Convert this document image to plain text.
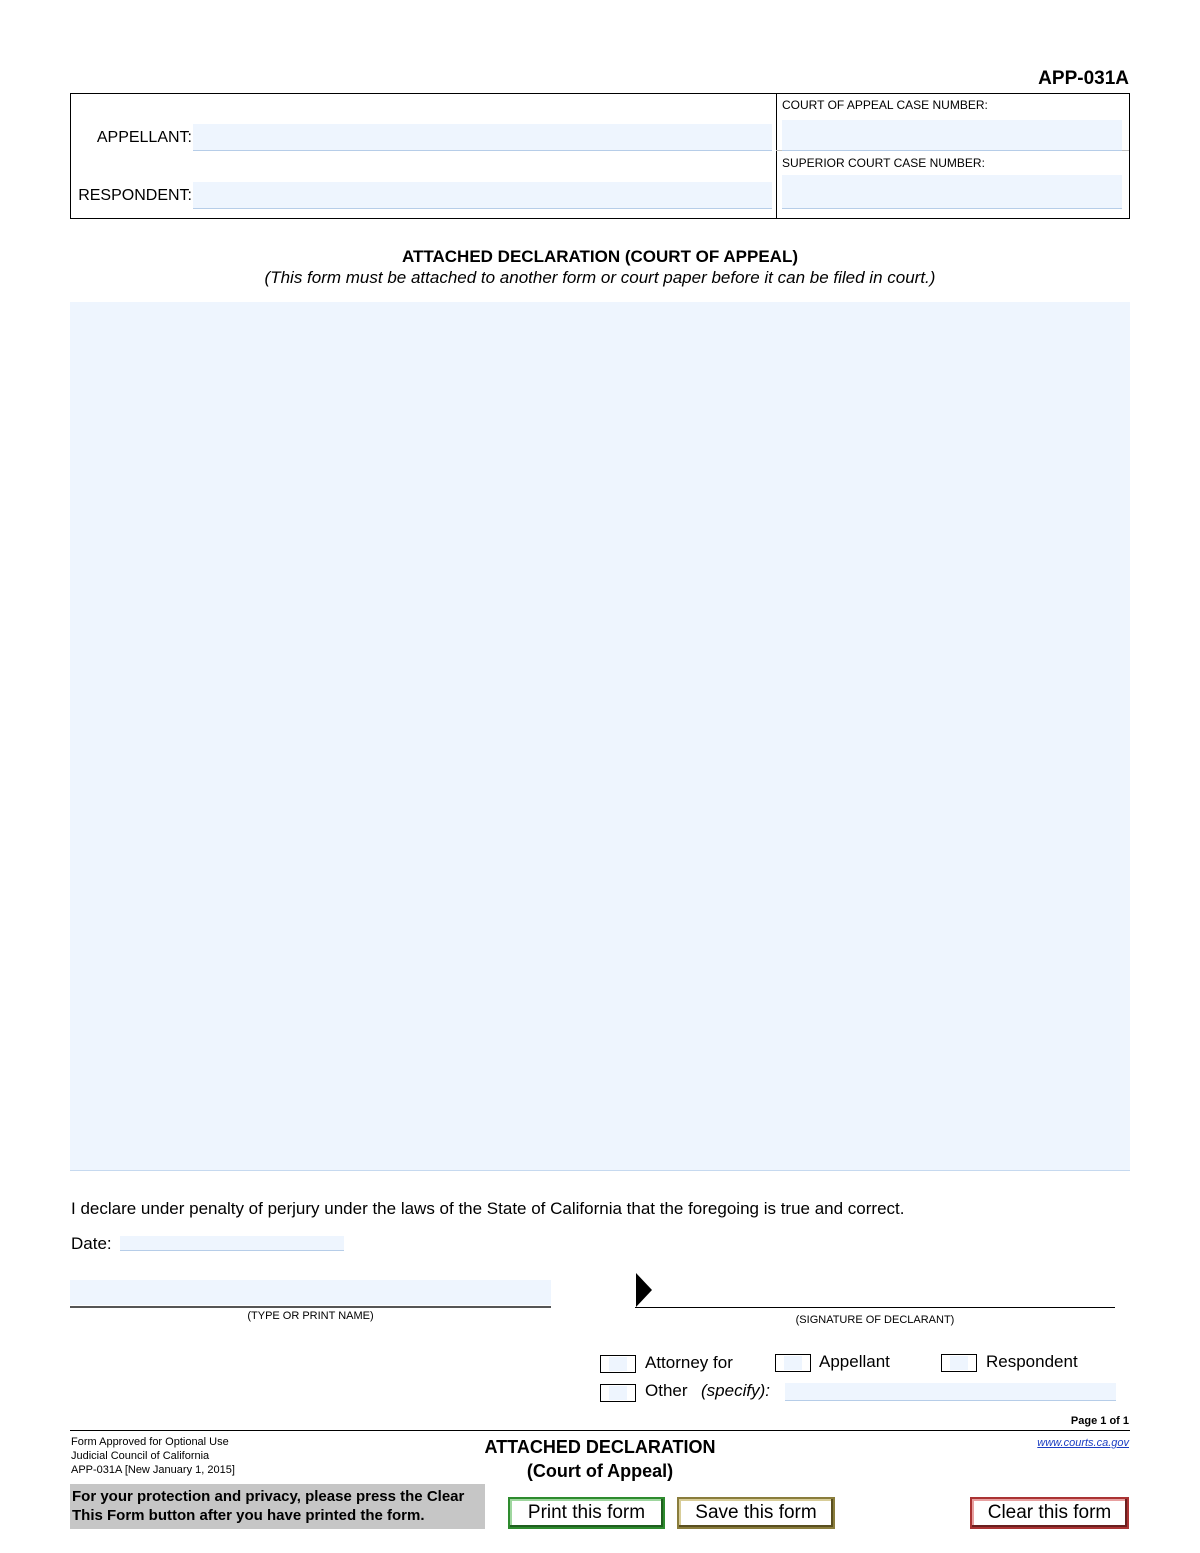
APP-031A
APPELLANT:
RESPONDENT:
COURT OF APPEAL CASE NUMBER:
SUPERIOR COURT CASE NUMBER:
ATTACHED DECLARATION (COURT OF APPEAL)
(This form must be attached to another form or court paper before it can be filed in court.)
I declare under penalty of perjury under the laws of the State of California that the foregoing is true and correct.
Date:
(TYPE OR PRINT NAME)	(SIGNATURE OF DECLARANT)
Attorney for	Appellant	Respondent
Other (specify):
Page 1 of 1
Form Approved for Optional Use
Judicial Council of California
APP-031A [New January 1, 2015]
ATTACHED DECLARATION
(Court of Appeal)
www.courts.ca.gov
For your protection and privacy, please press the Clear
This Form button after you have printed the form.	Print this form	Save this form	Clear this form
